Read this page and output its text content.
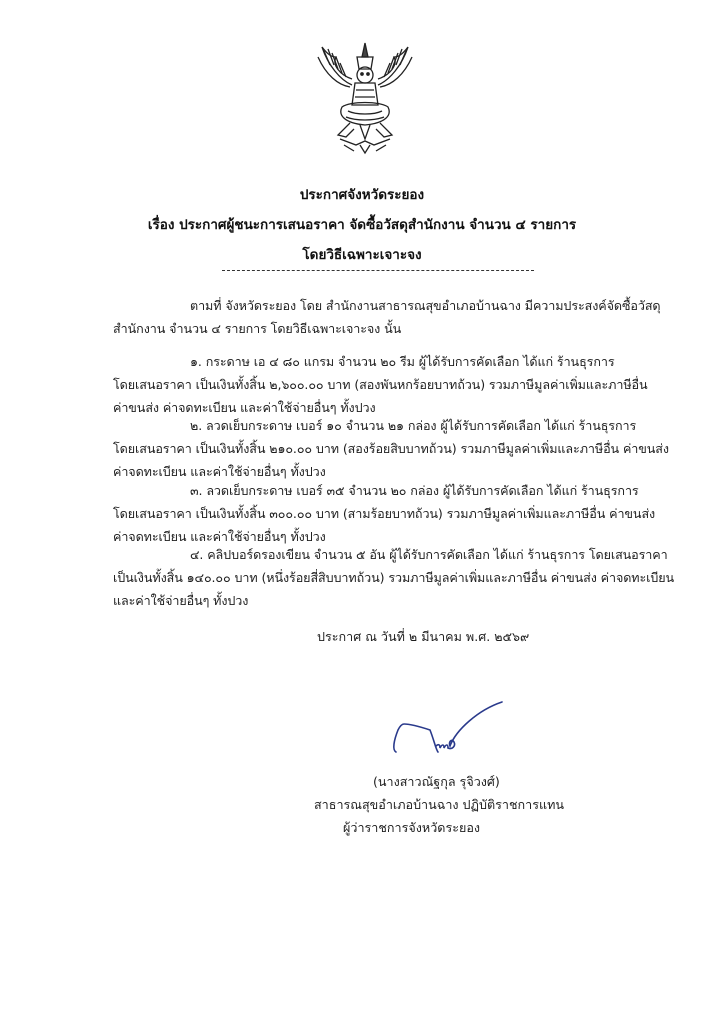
ประกาศจังหวัดระยอง
เรื่อง ประกาศผู้ชนะการเสนอราคา จัดซื้อวัสดุสำนักงาน จำนวน ๔ รายการ
โดยวิธีเฉพาะเจาะจง
ตามที่ จังหวัดระยอง โดย สำนักงานสาธารณสุขอำเภอบ้านฉาง มีความประสงค์จัดซื้อวัสดุ
สำนักงาน จำนวน ๔ รายการ โดยวิธีเฉพาะเจาะจง นั้น
๑. กระดาษ เอ ๔ ๘๐ แกรม จำนวน ๒๐ รีม ผู้ได้รับการคัดเลือก ได้แก่ ร้านธุรการ
โดยเสนอราคา เป็นเงินทั้งสิ้น ๒,๖๐๐.๐๐ บาท (สองพันหกร้อยบาทถ้วน) รวมภาษีมูลค่าเพิ่มและภาษีอื่น
ค่าขนส่ง ค่าจดทะเบียน และค่าใช้จ่ายอื่นๆ ทั้งปวง
๒. ลวดเย็บกระดาษ เบอร์ ๑๐ จำนวน ๒๑ กล่อง ผู้ได้รับการคัดเลือก ได้แก่ ร้านธุรการ
โดยเสนอราคา เป็นเงินทั้งสิ้น ๒๑๐.๐๐ บาท (สองร้อยสิบบาทถ้วน) รวมภาษีมูลค่าเพิ่มและภาษีอื่น ค่าขนส่ง
ค่าจดทะเบียน และค่าใช้จ่ายอื่นๆ ทั้งปวง
๓. ลวดเย็บกระดาษ เบอร์ ๓๕ จำนวน ๒๐ กล่อง ผู้ได้รับการคัดเลือก ได้แก่ ร้านธุรการ
โดยเสนอราคา เป็นเงินทั้งสิ้น ๓๐๐.๐๐ บาท (สามร้อยบาทถ้วน) รวมภาษีมูลค่าเพิ่มและภาษีอื่น ค่าขนส่ง
ค่าจดทะเบียน และค่าใช้จ่ายอื่นๆ ทั้งปวง
๔. คลิปบอร์ดรองเขียน จำนวน ๕ อัน ผู้ได้รับการคัดเลือก ได้แก่ ร้านธุรการ โดยเสนอราคา
เป็นเงินทั้งสิ้น ๑๔๐.๐๐ บาท (หนึ่งร้อยสี่สิบบาทถ้วน) รวมภาษีมูลค่าเพิ่มและภาษีอื่น ค่าขนส่ง ค่าจดทะเบียน
และค่าใช้จ่ายอื่นๆ ทั้งปวง
ประกาศ ณ วันที่ ๒ มีนาคม พ.ศ. ๒๕๖๙
(นางสาวณัฐกุล รุจิวงศ์)
สาธารณสุขอำเภอบ้านฉาง ปฏิบัติราชการแทน
ผู้ว่าราชการจังหวัดระยอง
